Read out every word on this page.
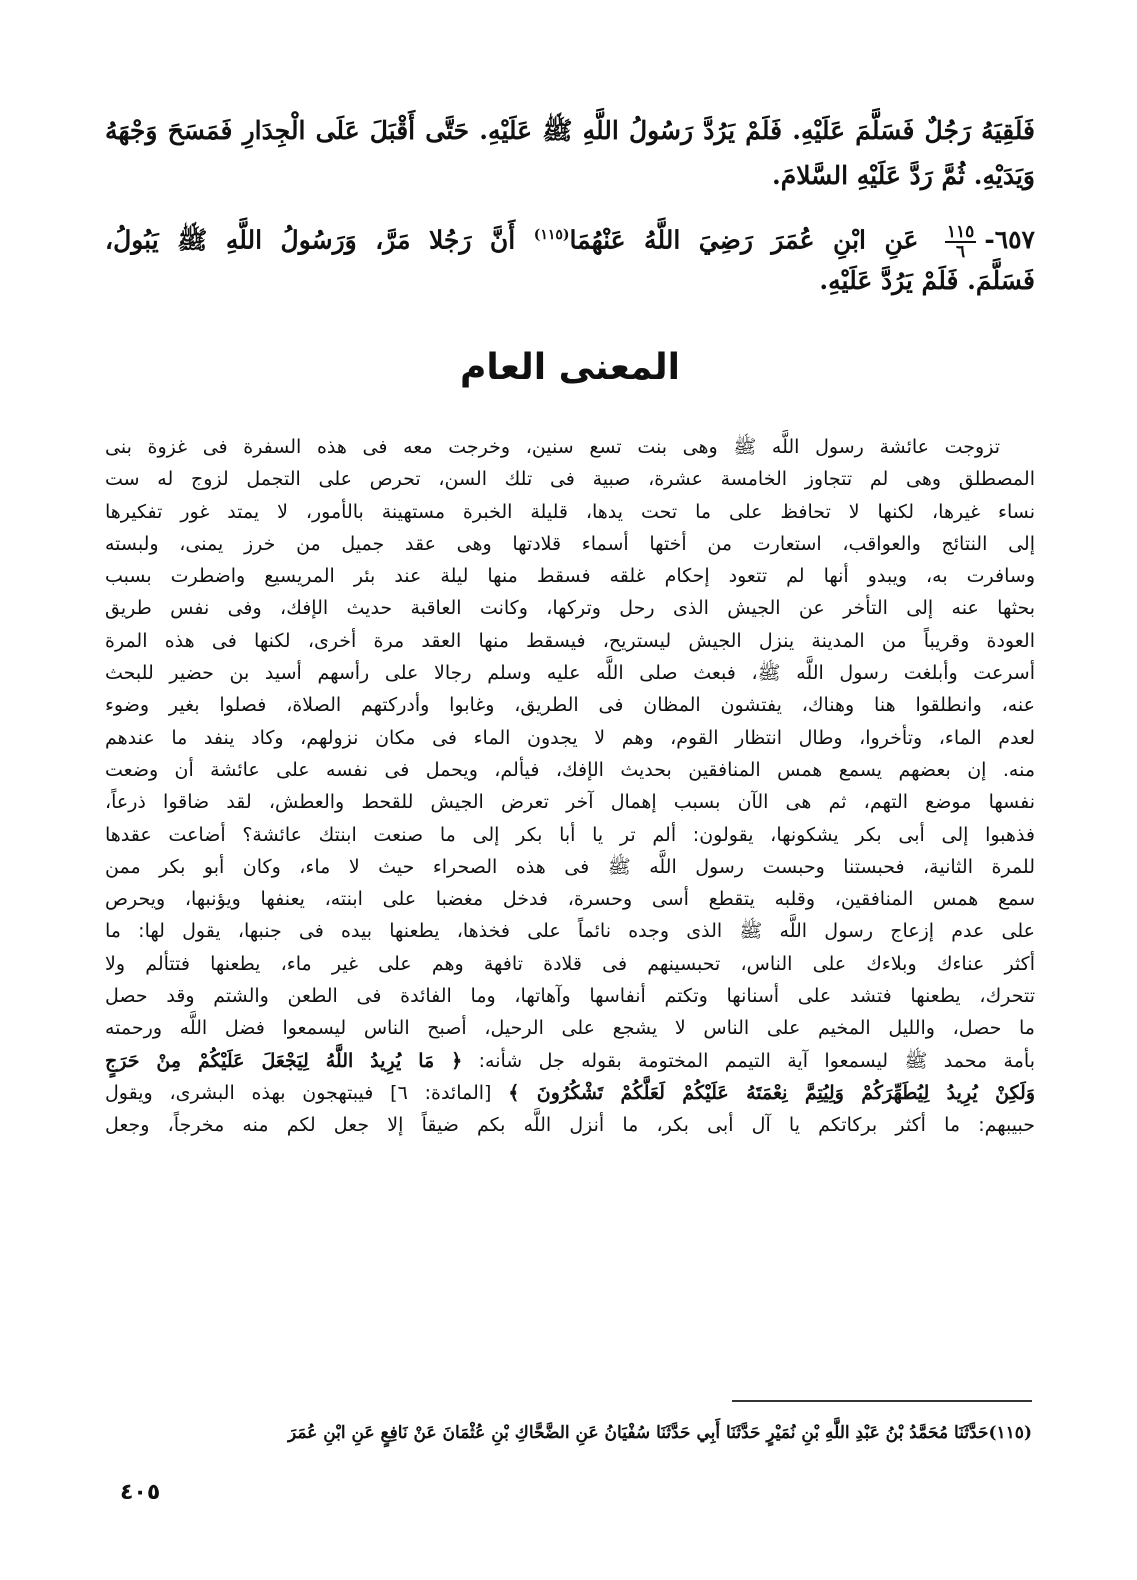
فَلَقِيَهُ رَجُلٌ فَسَلَّمَ عَلَيْهِ. فَلَمْ يَرُدَّ رَسُولُ اللَّهِ ﷺ عَلَيْهِ. حَتَّى أَقْبَلَ عَلَى الْجِدَارِ فَمَسَحَ وَجْهَهُ
وَيَدَيْهِ. ثُمَّ رَدَّ عَلَيْهِ السَّلامَ.
٦٥٧-
$\frac{١١٥}{٦}$
عَنِ ابْنِ عُمَرَ رَضِيَ اللَّهُ عَنْهُمَا$^{(١١٥)}$ أَنَّ رَجُلا مَرَّ، وَرَسُولُ اللَّهِ ﷺ يَبُولُ،
فَسَلَّمَ. فَلَمْ يَرُدَّ عَلَيْهِ.
المعنى العام
تزوجت عائشة رسول اللَّه ﷺ وهى بنت تسع سنين، وخرجت معه فى هذه السفرة فى غزوة بنى
المصطلق وهى لم تتجاوز الخامسة عشرة، صبية فى تلك السن، تحرص على التجمل لزوج له ست
نساء غيرها، لكنها لا تحافظ على ما تحت يدها، قليلة الخبرة مستهينة بالأمور، لا يمتد غور تفكيرها
إلى النتائج والعواقب، استعارت من أختها أسماء قلادتها وهى عقد جميل من خرز يمنى، ولبسته
وسافرت به، ويبدو أنها لم تتعود إحكام غلقه فسقط منها ليلة عند بئر المريسيع واضطرت بسبب
بحثها عنه إلى التأخر عن الجيش الذى رحل وتركها، وكانت العاقبة حديث الإفك، وفى نفس طريق
العودة وقريباً من المدينة ينزل الجيش ليستريح، فيسقط منها العقد مرة أخرى، لكنها فى هذه المرة
أسرعت وأبلغت رسول اللَّه ﷺ، فبعث صلى اللَّه عليه وسلم رجالا على رأسهم أسيد بن حضير للبحث
عنه، وانطلقوا هنا وهناك، يفتشون المظان فى الطريق، وغابوا وأدركتهم الصلاة، فصلوا بغير وضوء
لعدم الماء، وتأخروا، وطال انتظار القوم، وهم لا يجدون الماء فى مكان نزولهم، وكاد ينفد ما عندهم
منه. إن بعضهم يسمع همس المنافقين بحديث الإفك، فيألم، ويحمل فى نفسه على عائشة أن وضعت
نفسها موضع التهم، ثم هى الآن بسبب إهمال آخر تعرض الجيش للقحط والعطش، لقد ضاقوا ذرعاً،
فذهبوا إلى أبى بكر يشكونها، يقولون: ألم تر يا أبا بكر إلى ما صنعت ابنتك عائشة؟ أضاعت عقدها
للمرة الثانية، فحبستنا وحبست رسول اللَّه ﷺ فى هذه الصحراء حيث لا ماء، وكان أبو بكر ممن
سمع همس المنافقين، وقلبه يتقطع أسى وحسرة، فدخل مغضبا على ابنته، يعنفها ويؤنبها، ويحرص
على عدم إزعاج رسول اللَّه ﷺ الذى وجده نائماً على فخذها، يطعنها بيده فى جنبها، يقول لها: ما
أكثر عناءك وبلاءك على الناس، تحبسينهم فى قلادة تافهة وهم على غير ماء، يطعنها فتتألم ولا
تتحرك، يطعنها فتشد على أسنانها وتكتم أنفاسها وآهاتها، وما الفائدة فى الطعن والشتم وقد حصل
ما حصل، والليل المخيم على الناس لا يشجع على الرحيل، أصبح الناس ليسمعوا فضل اللَّه ورحمته
بأمة محمد ﷺ ليسمعوا آية التيمم المختومة بقوله جل شأنه: ﴿ مَا يُرِيدُ اللَّهُ لِيَجْعَلَ عَلَيْكُمْ مِنْ حَرَجٍ
وَلَكِنْ يُرِيدُ لِيُطَهِّرَكُمْ وَلِيُتِمَّ نِعْمَتَهُ عَلَيْكُمْ لَعَلَّكُمْ تَشْكُرُونَ ﴾ [المائدة: ٦] فيبتهجون بهذه البشرى، ويقول
حبيبهم: ما أكثر بركاتكم يا آل أبى بكر، ما أنزل اللَّه بكم ضيقاً إلا جعل لكم منه مخرجاً، وجعل
(١١٥)حَدَّثَنَا مُحَمَّدُ بْنُ عَبْدِ اللَّهِ بْنِ نُمَيْرٍ حَدَّثَنَا أَبِي حَدَّثَنَا سُفْيَانُ عَنِ الضَّحَّاكِ بْنِ عُثْمَانَ عَنْ نَافِعٍ عَنِ ابْنِ عُمَرَ
٤٠٥
